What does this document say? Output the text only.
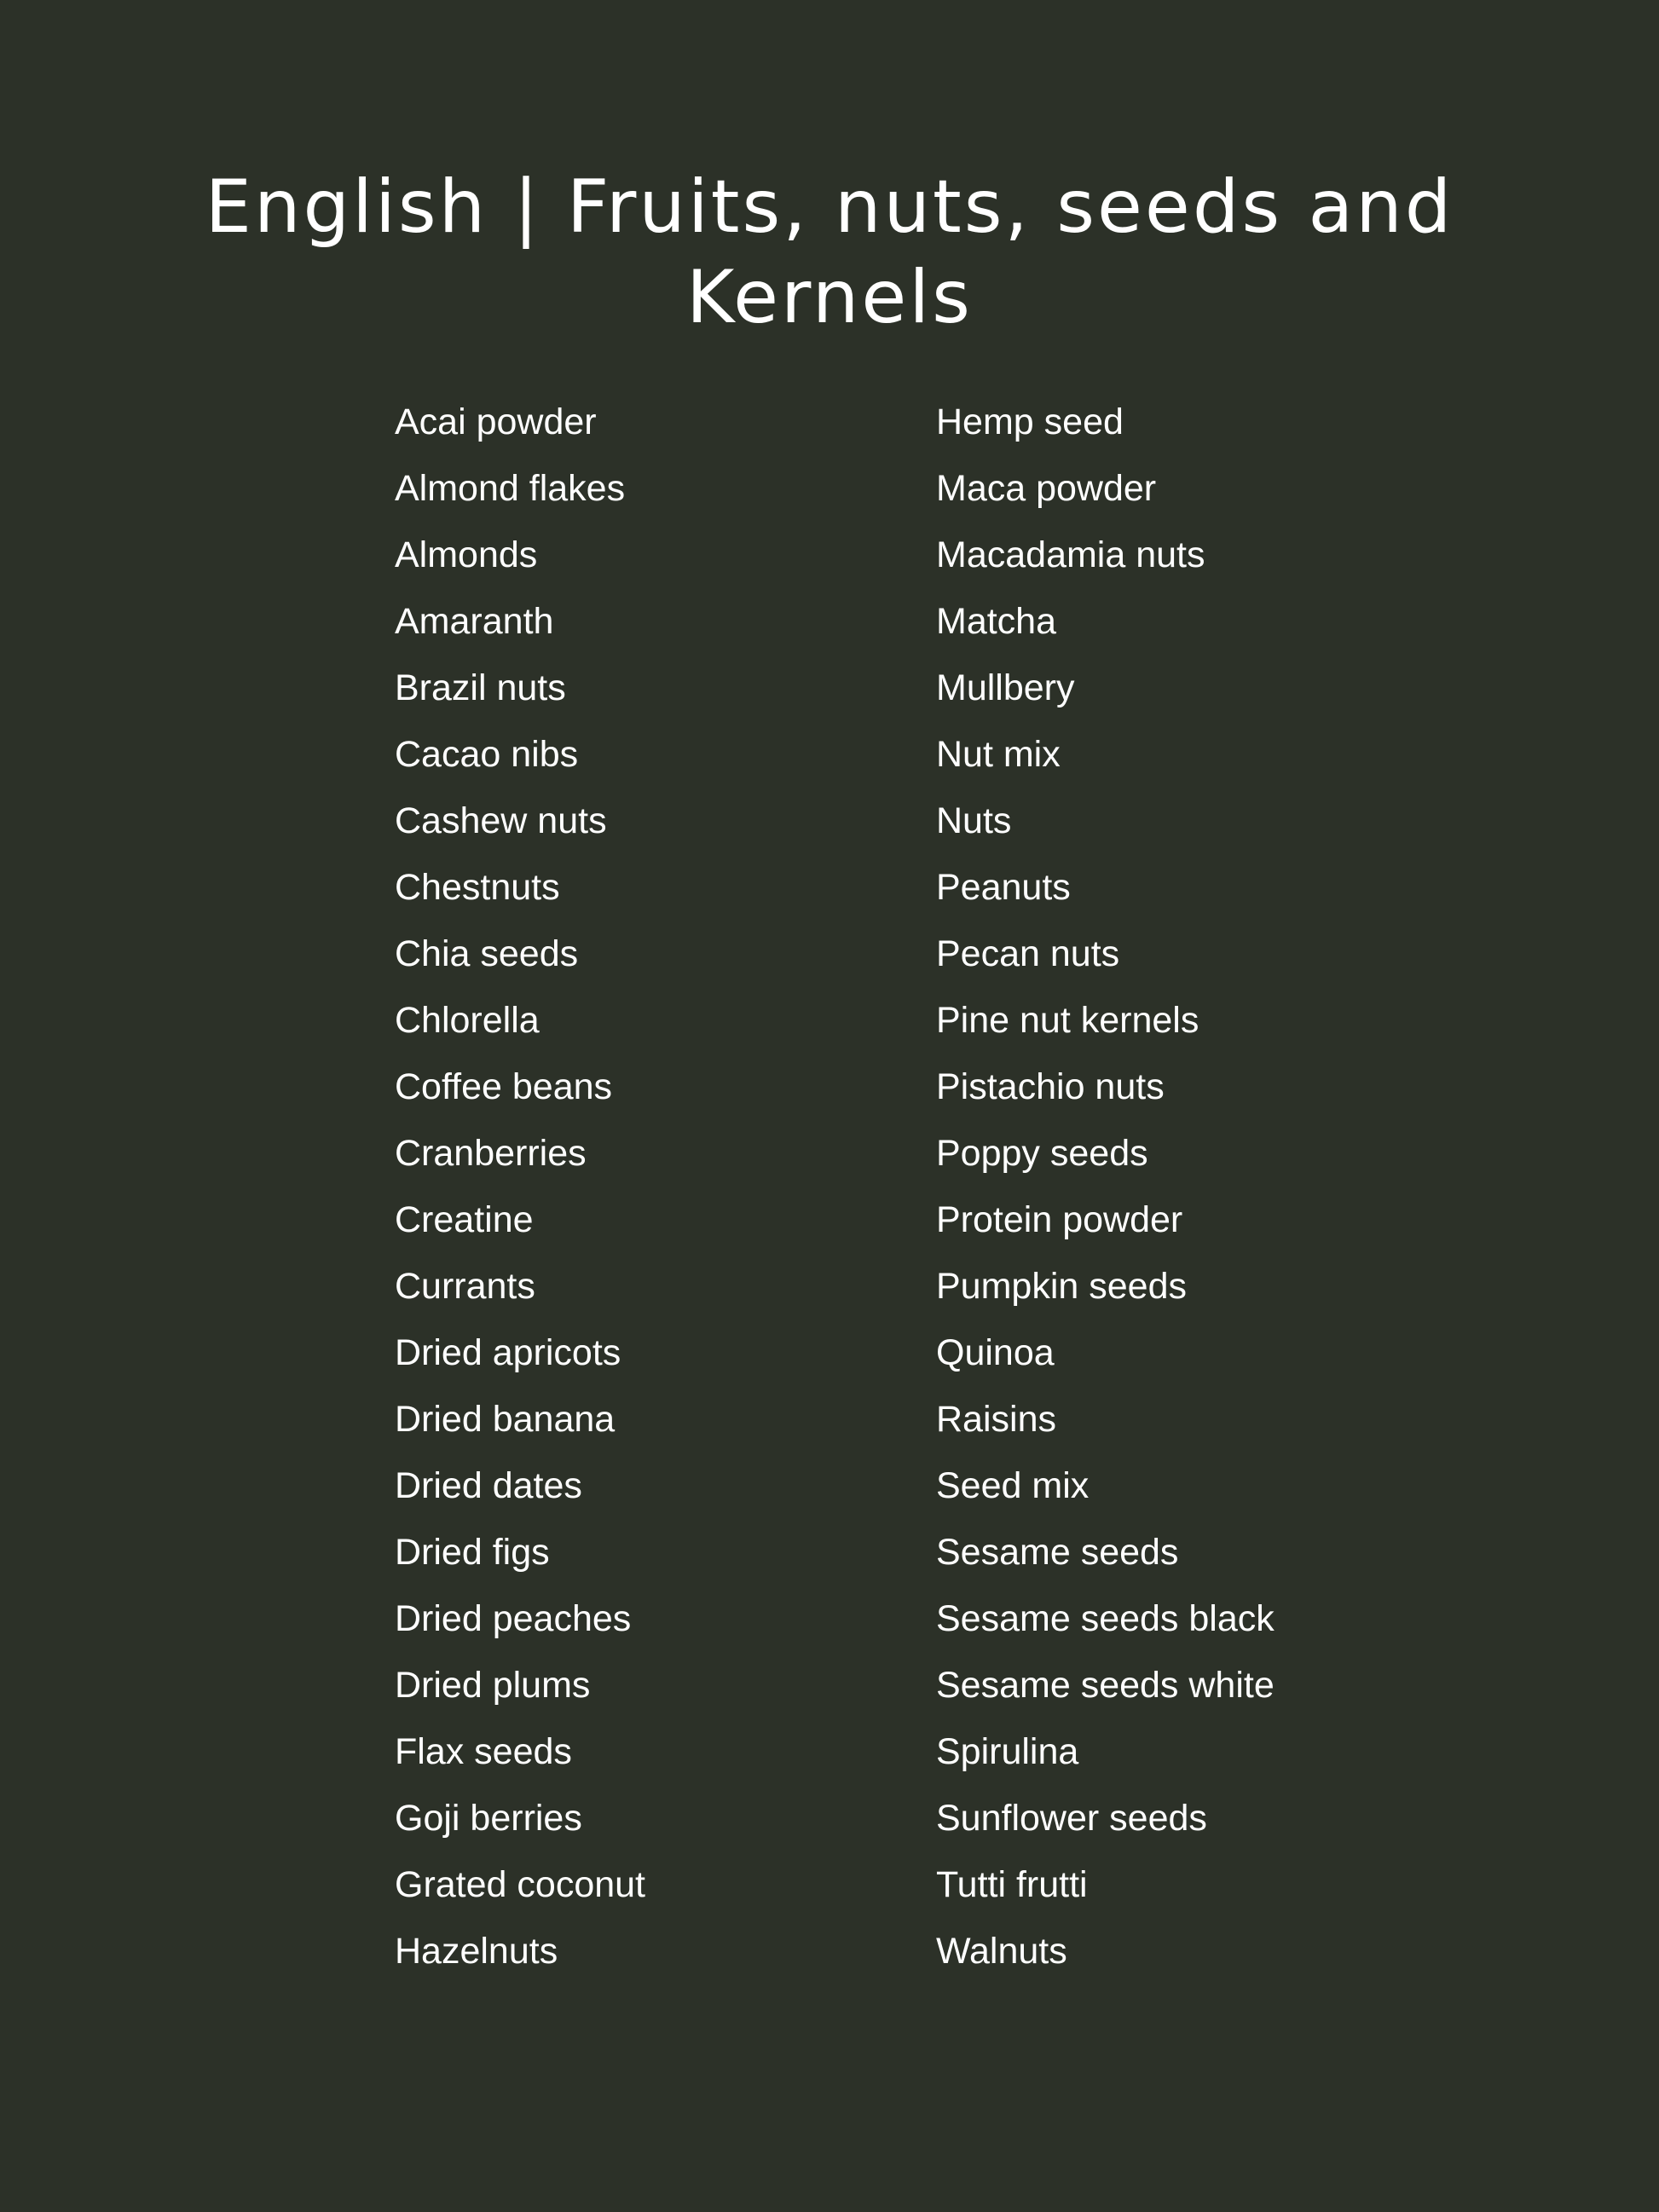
English | Fruits, nuts, seeds and
Kernels
Acai powder
Almond flakes
Almonds
Amaranth
Brazil nuts
Cacao nibs
Cashew nuts
Chestnuts
Chia seeds
Chlorella
Coffee beans
Cranberries
Creatine
Currants
Dried apricots
Dried banana
Dried dates
Dried figs
Dried peaches
Dried plums
Flax seeds
Goji berries
Grated coconut
Hazelnuts
Hemp seed
Maca powder
Macadamia nuts
Matcha
Mullbery
Nut mix
Nuts
Peanuts
Pecan nuts
Pine nut kernels
Pistachio nuts
Poppy seeds
Protein powder
Pumpkin seeds
Quinoa
Raisins
Seed mix
Sesame seeds
Sesame seeds black
Sesame seeds white
Spirulina
Sunflower seeds
Tutti frutti
Walnuts
